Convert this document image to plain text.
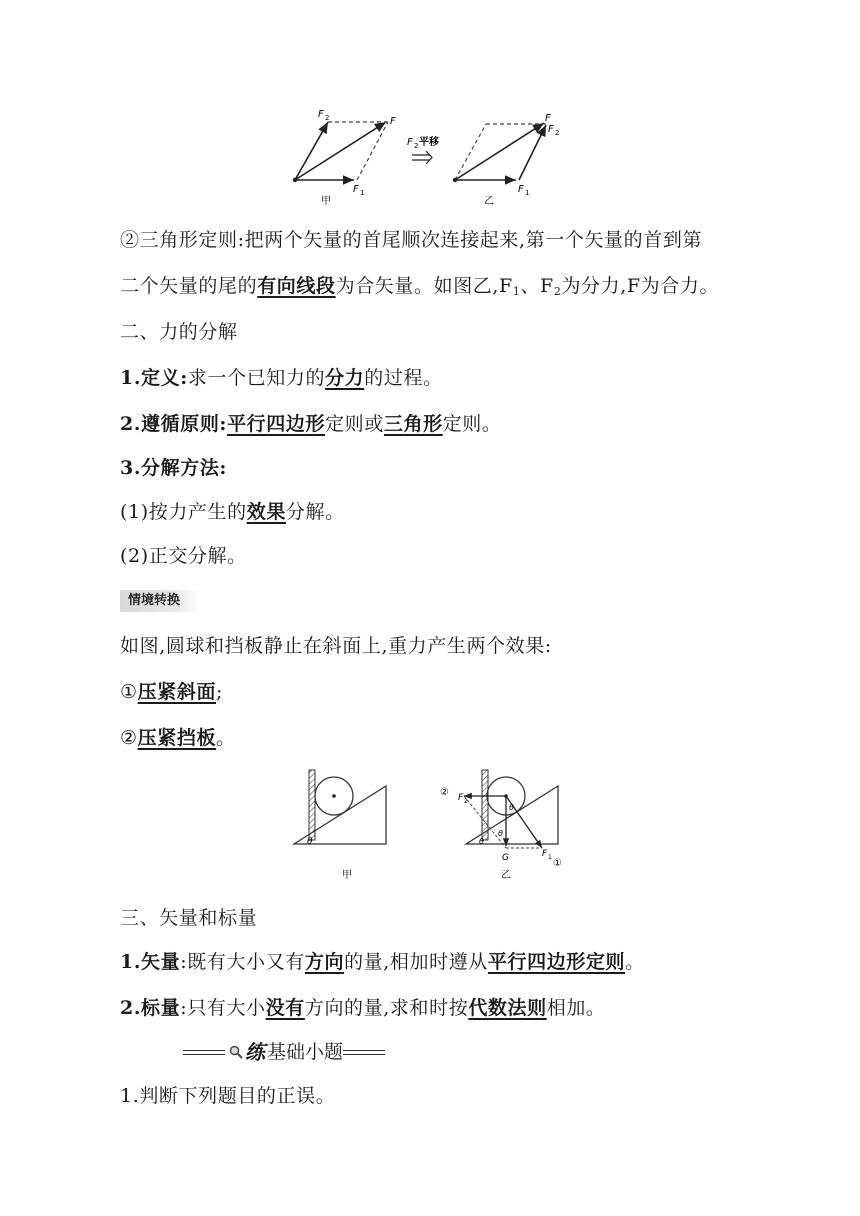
F 2	F
F 1
甲
F 2 平移
F
F 2
F 1
乙
②三角形定则:把两个矢量的首尾顺次连接起来,第一个矢量的首到第
二个矢量的尾的有向线段为合矢量。如图乙$,F_1$、$F_2$为分力,F为合力。
二、力的分解
1.定义:求一个已知力的分力的过程。
2.遵循原则:平行四边形定则或三角形定则。
3.分解方法:
(1)按力产生的效果分解。
(2)正交分解。
情境转换
如图,圆球和挡板静止在斜面上,重力产生两个效果:
①压紧斜面;
②压紧挡板。
θ
甲
② F 2
θ
θ
θ
G	F 1
①
乙
三、矢量和标量
1.矢量:既有大小又有方向的量,相加时遵从平行四边形定则。
2.标量:只有大小没有方向的量,求和时按代数法则相加。
练 基础小题
1.判断下列题目的正误。
